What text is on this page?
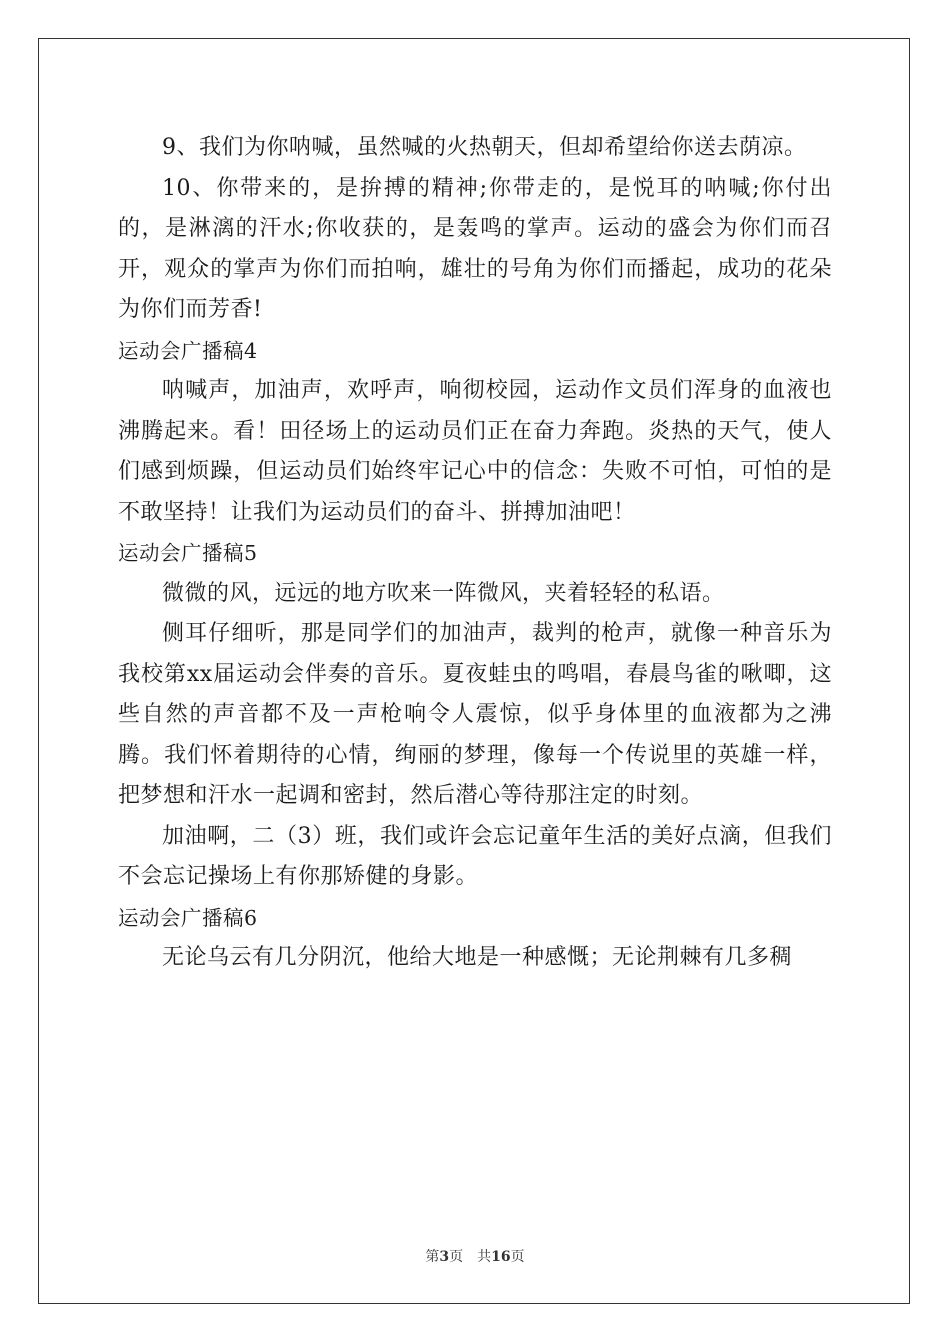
9、我们为你呐喊，虽然喊的火热朝天，但却希望给你送去荫凉。

10、你带来的，是拚搏的精神;你带走的，是悦耳的呐喊;你付出的，是淋漓的汗水;你收获的，是轰鸣的掌声。运动的盛会为你们而召开，观众的掌声为你们而拍响，雄壮的号角为你们而播起，成功的花朵为你们而芳香!

运动会广播稿4

呐喊声，加油声，欢呼声，响彻校园，运动作文员们浑身的血液也沸腾起来。看！田径场上的运动员们正在奋力奔跑。炎热的天气，使人们感到烦躁，但运动员们始终牢记心中的信念：失败不可怕，可怕的是不敢坚持！让我们为运动员们的奋斗、拼搏加油吧！

运动会广播稿5

微微的风，远远的地方吹来一阵微风，夹着轻轻的私语。

侧耳仔细听，那是同学们的加油声，裁判的枪声，就像一种音乐为我校第xx届运动会伴奏的音乐。夏夜蛙虫的鸣唱，春晨鸟雀的啾唧，这些自然的声音都不及一声枪响令人震惊，似乎身体里的血液都为之沸腾。我们怀着期待的心情，绚丽的梦理，像每一个传说里的英雄一样，把梦想和汗水一起调和密封，然后潜心等待那注定的时刻。

加油啊，二（3）班，我们或许会忘记童年生活的美好点滴，但我们不会忘记操场上有你那矫健的身影。

运动会广播稿6

无论乌云有几分阴沉，他给大地是一种感慨；无论荆棘有几多稠

第3页　共16页
